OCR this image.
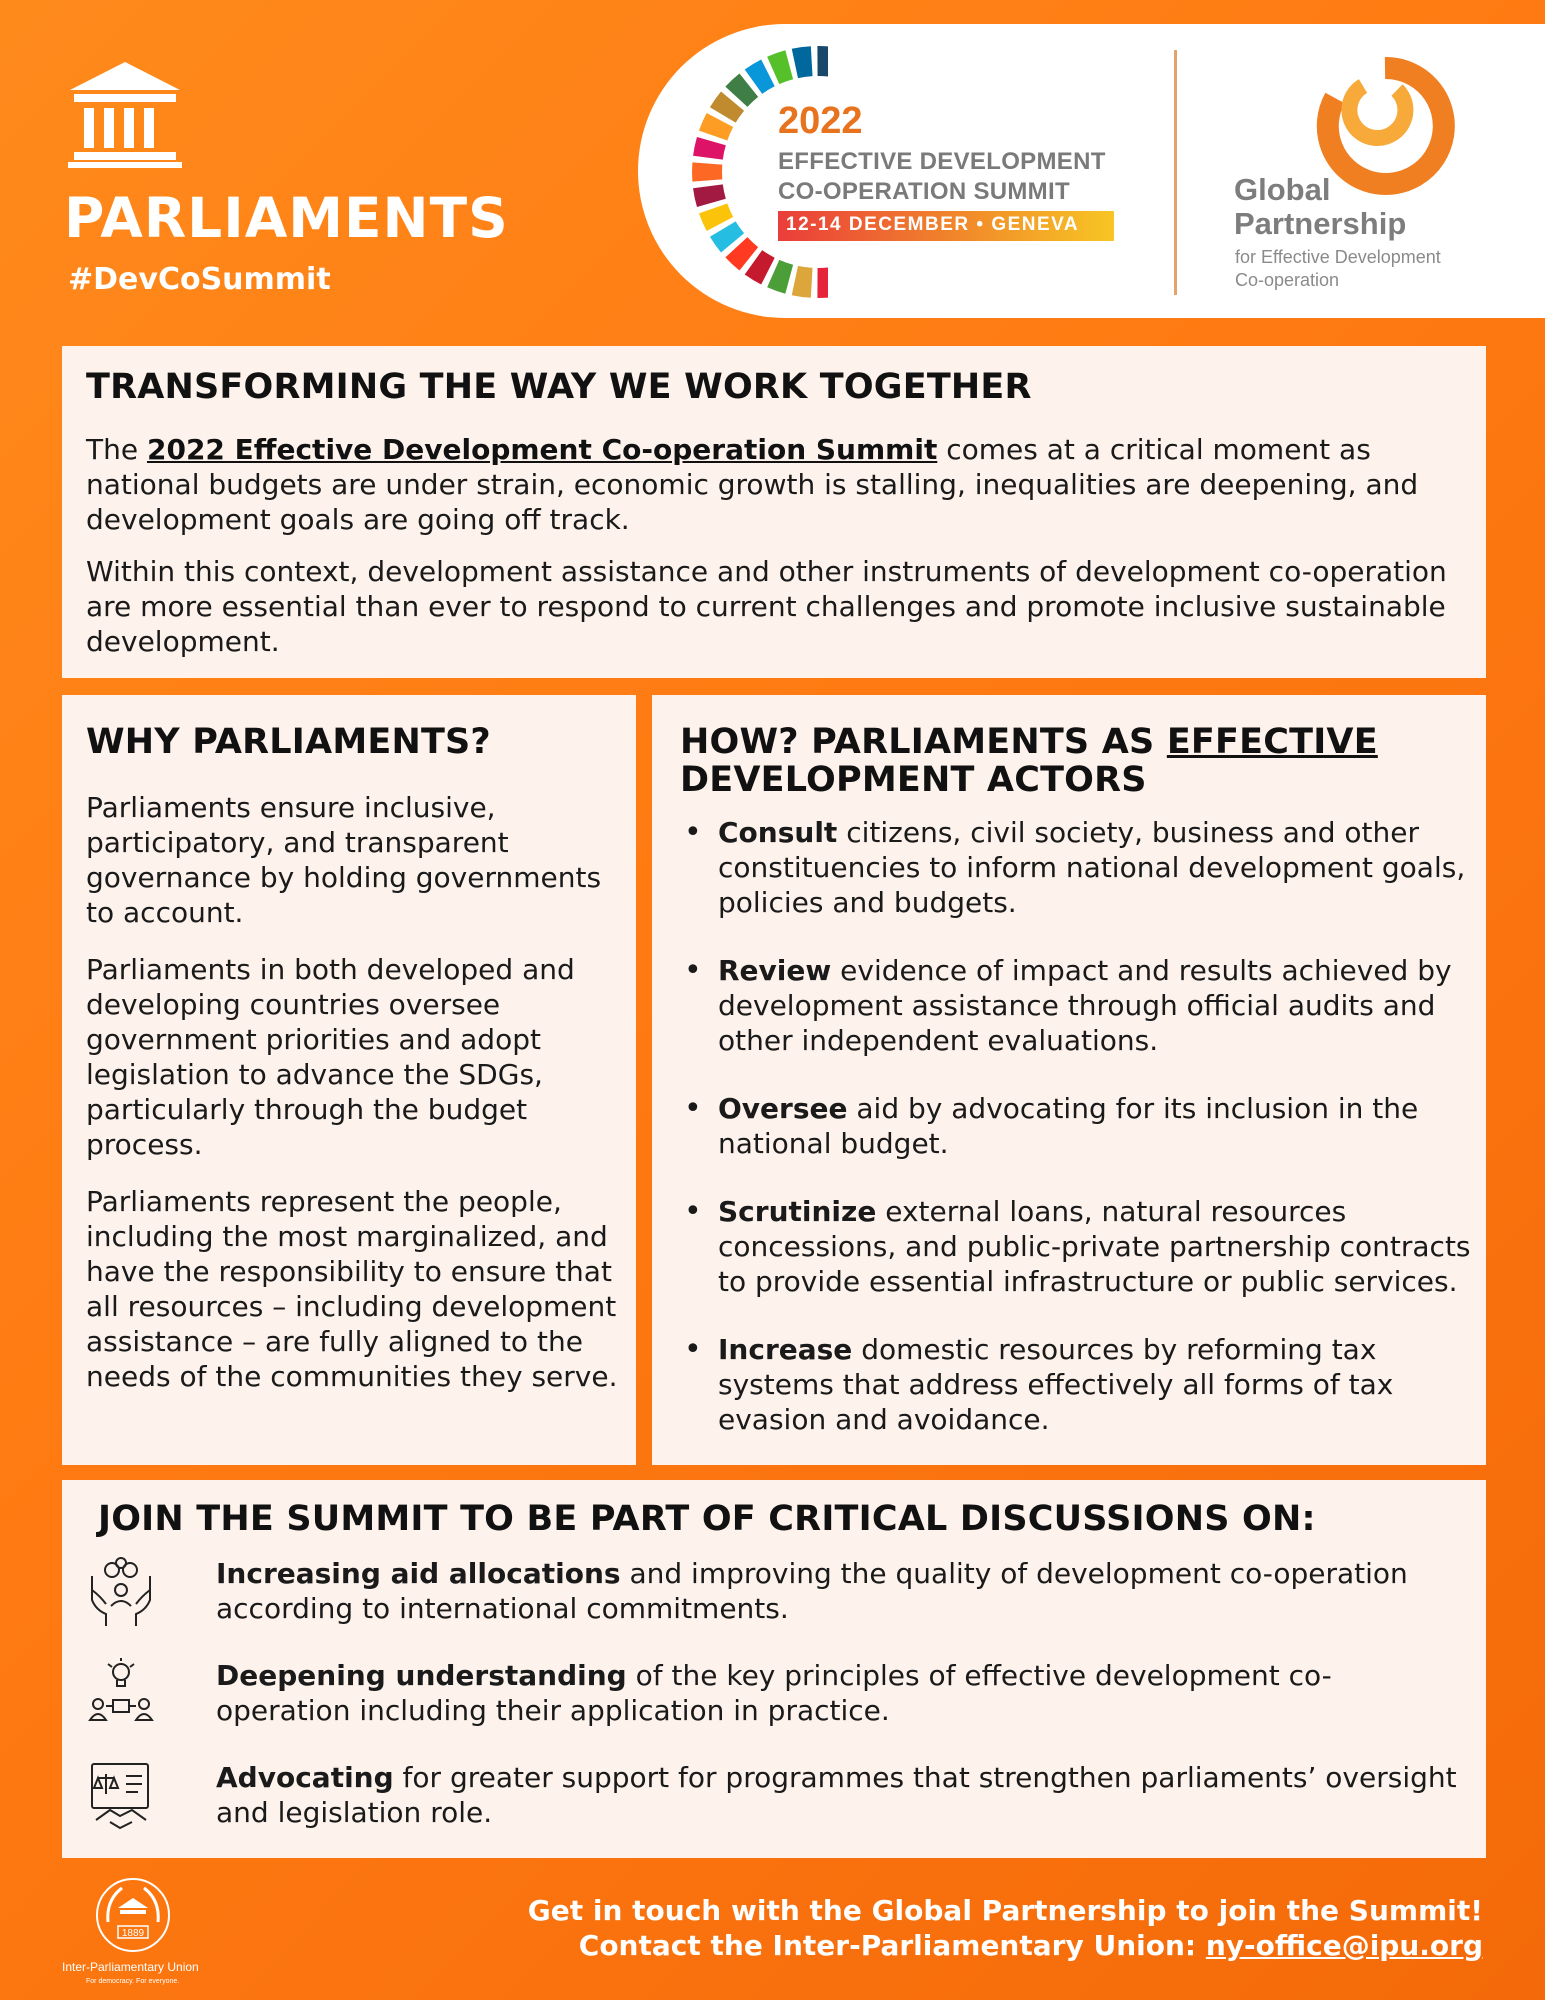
PARLIAMENTS
#DevCoSummit
2022
EFFECTIVE DEVELOPMENT
CO-OPERATION SUMMIT
12-14 DECEMBER • GENEVA
Global
Partnership
for Effective Development
Co-operation
TRANSFORMING THE WAY WE WORK TOGETHER

The 2022 Effective Development Co-operation Summit comes at a critical moment as national budgets are under strain, economic growth is stalling, inequalities are deepening, and development goals are going off track.

Within this context, development assistance and other instruments of development co-operation are more essential than ever to respond to current challenges and promote inclusive sustainable development.

WHY PARLIAMENTS?

Parliaments ensure inclusive, participatory, and transparent governance by holding governments to account.

Parliaments in both developed and developing countries oversee government priorities and adopt legislation to advance the SDGs, particularly through the budget process.

Parliaments represent the people, including the most marginalized, and have the responsibility to ensure that all resources – including development assistance – are fully aligned to the needs of the communities they serve.

HOW? PARLIAMENTS AS EFFECTIVE DEVELOPMENT ACTORS
• Consult citizens, civil society, business and other constituencies to inform national development goals, policies and budgets.
• Review evidence of impact and results achieved by development assistance through official audits and other independent evaluations.
• Oversee aid by advocating for its inclusion in the national budget.
• Scrutinize external loans, natural resources concessions, and public-private partnership contracts to provide essential infrastructure or public services.
• Increase domestic resources by reforming tax systems that address effectively all forms of tax evasion and avoidance.
JOIN THE SUMMIT TO BE PART OF CRITICAL DISCUSSIONS ON:
Increasing aid allocations and improving the quality of development co-operation according to international commitments.
Deepening understanding of the key principles of effective development co-operation including their application in practice.
Advocating for greater support for programmes that strengthen parliaments’ oversight and legislation role.
1889
Inter-Parliamentary Union
For democracy. For everyone.
Get in touch with the Global Partnership to join the Summit!
Contact the Inter-Parliamentary Union: ny-office@ipu.org
